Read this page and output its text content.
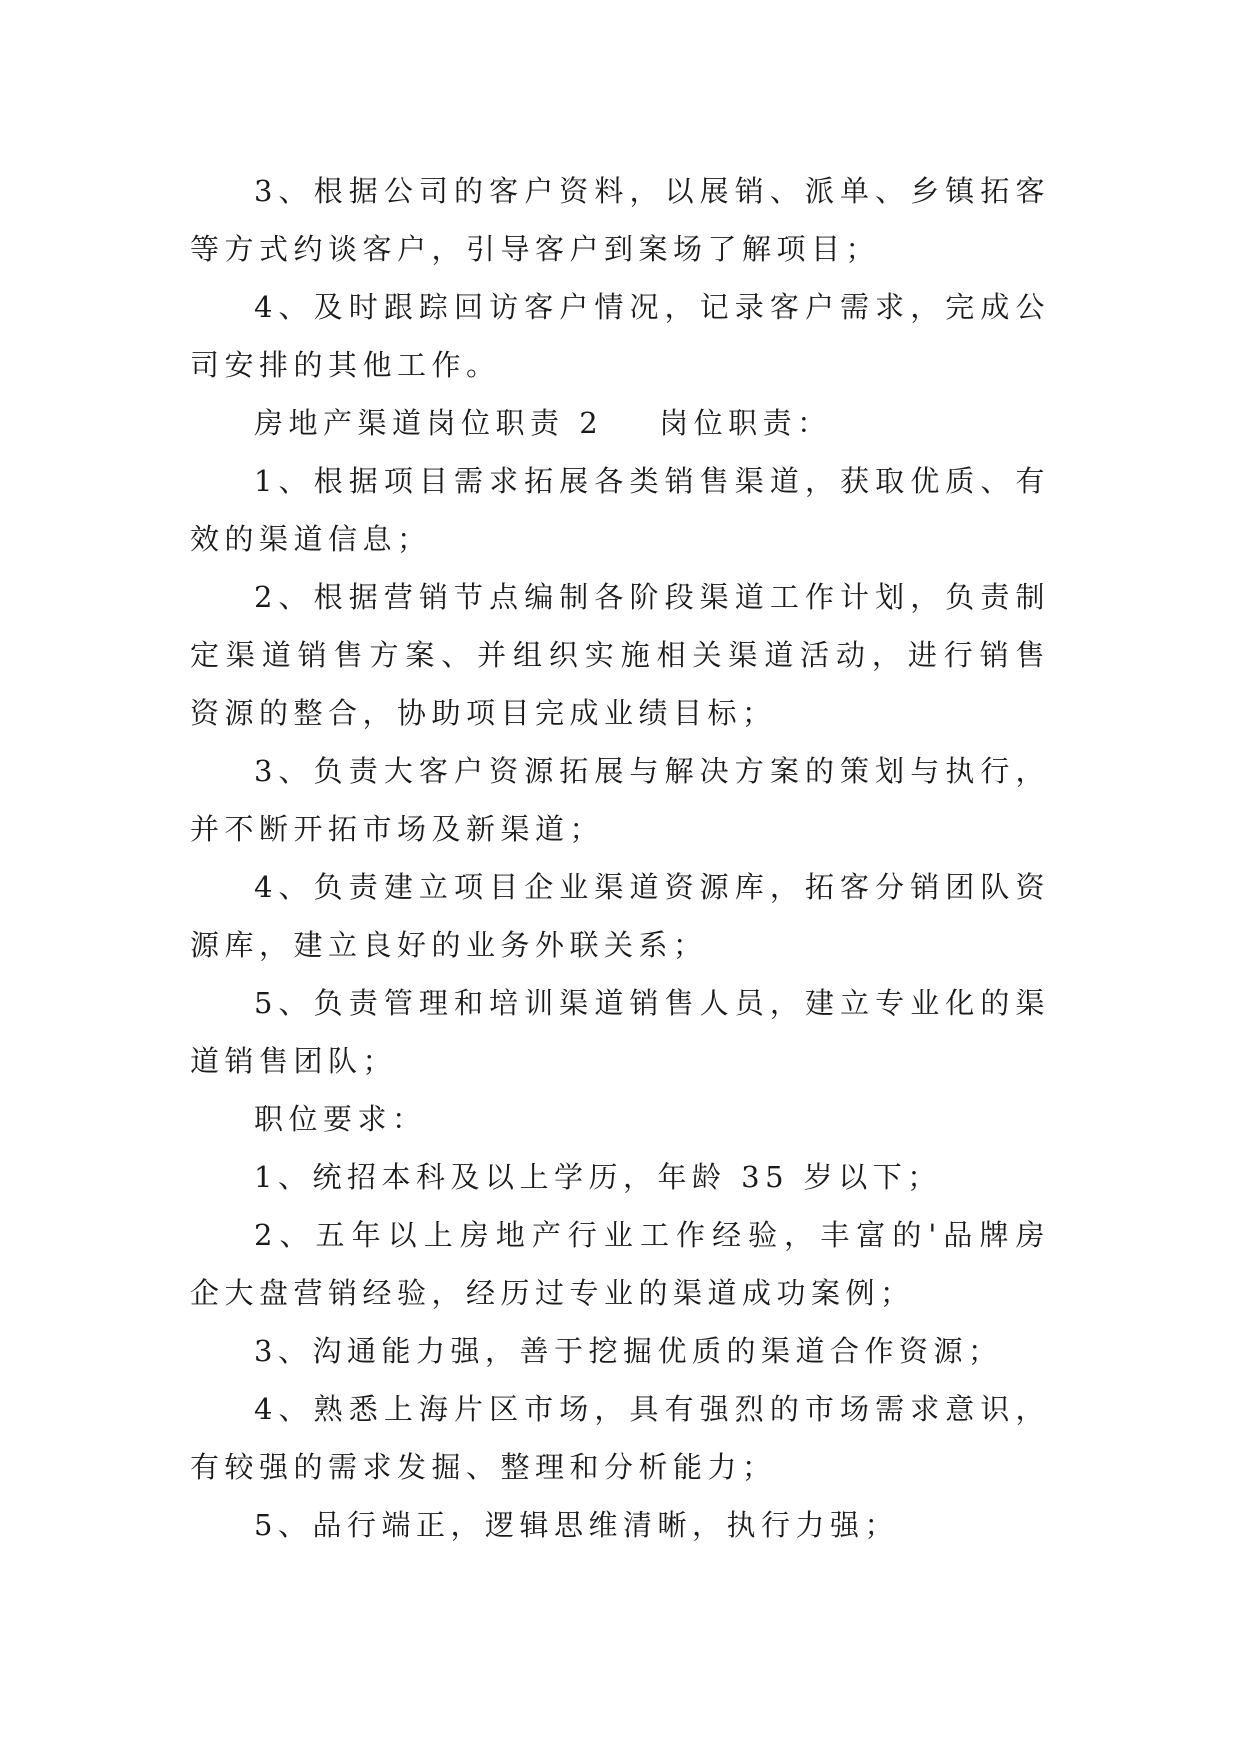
3、根据公司的客户资料，以展销、派单、乡镇拓客等方式约谈客户，引导客户到案场了解项目；

4、及时跟踪回访客户情况，记录客户需求，完成公司安排的其他工作。

房地产渠道岗位职责 2 岗位职责：

1、根据项目需求拓展各类销售渠道，获取优质、有效的渠道信息；

2、根据营销节点编制各阶段渠道工作计划，负责制定渠道销售方案、并组织实施相关渠道活动，进行销售资源的整合，协助项目完成业绩目标；

3、负责大客户资源拓展与解决方案的策划与执行，并不断开拓市场及新渠道；

4、负责建立项目企业渠道资源库，拓客分销团队资源库，建立良好的业务外联关系；

5、负责管理和培训渠道销售人员，建立专业化的渠道销售团队；

职位要求：

1、统招本科及以上学历，年龄 35 岁以下；

2、五年以上房地产行业工作经验，丰富的'品牌房企大盘营销经验，经历过专业的渠道成功案例；

3、沟通能力强，善于挖掘优质的渠道合作资源；

4、熟悉上海片区市场，具有强烈的市场需求意识，有较强的需求发掘、整理和分析能力；

5、品行端正，逻辑思维清晰，执行力强；
